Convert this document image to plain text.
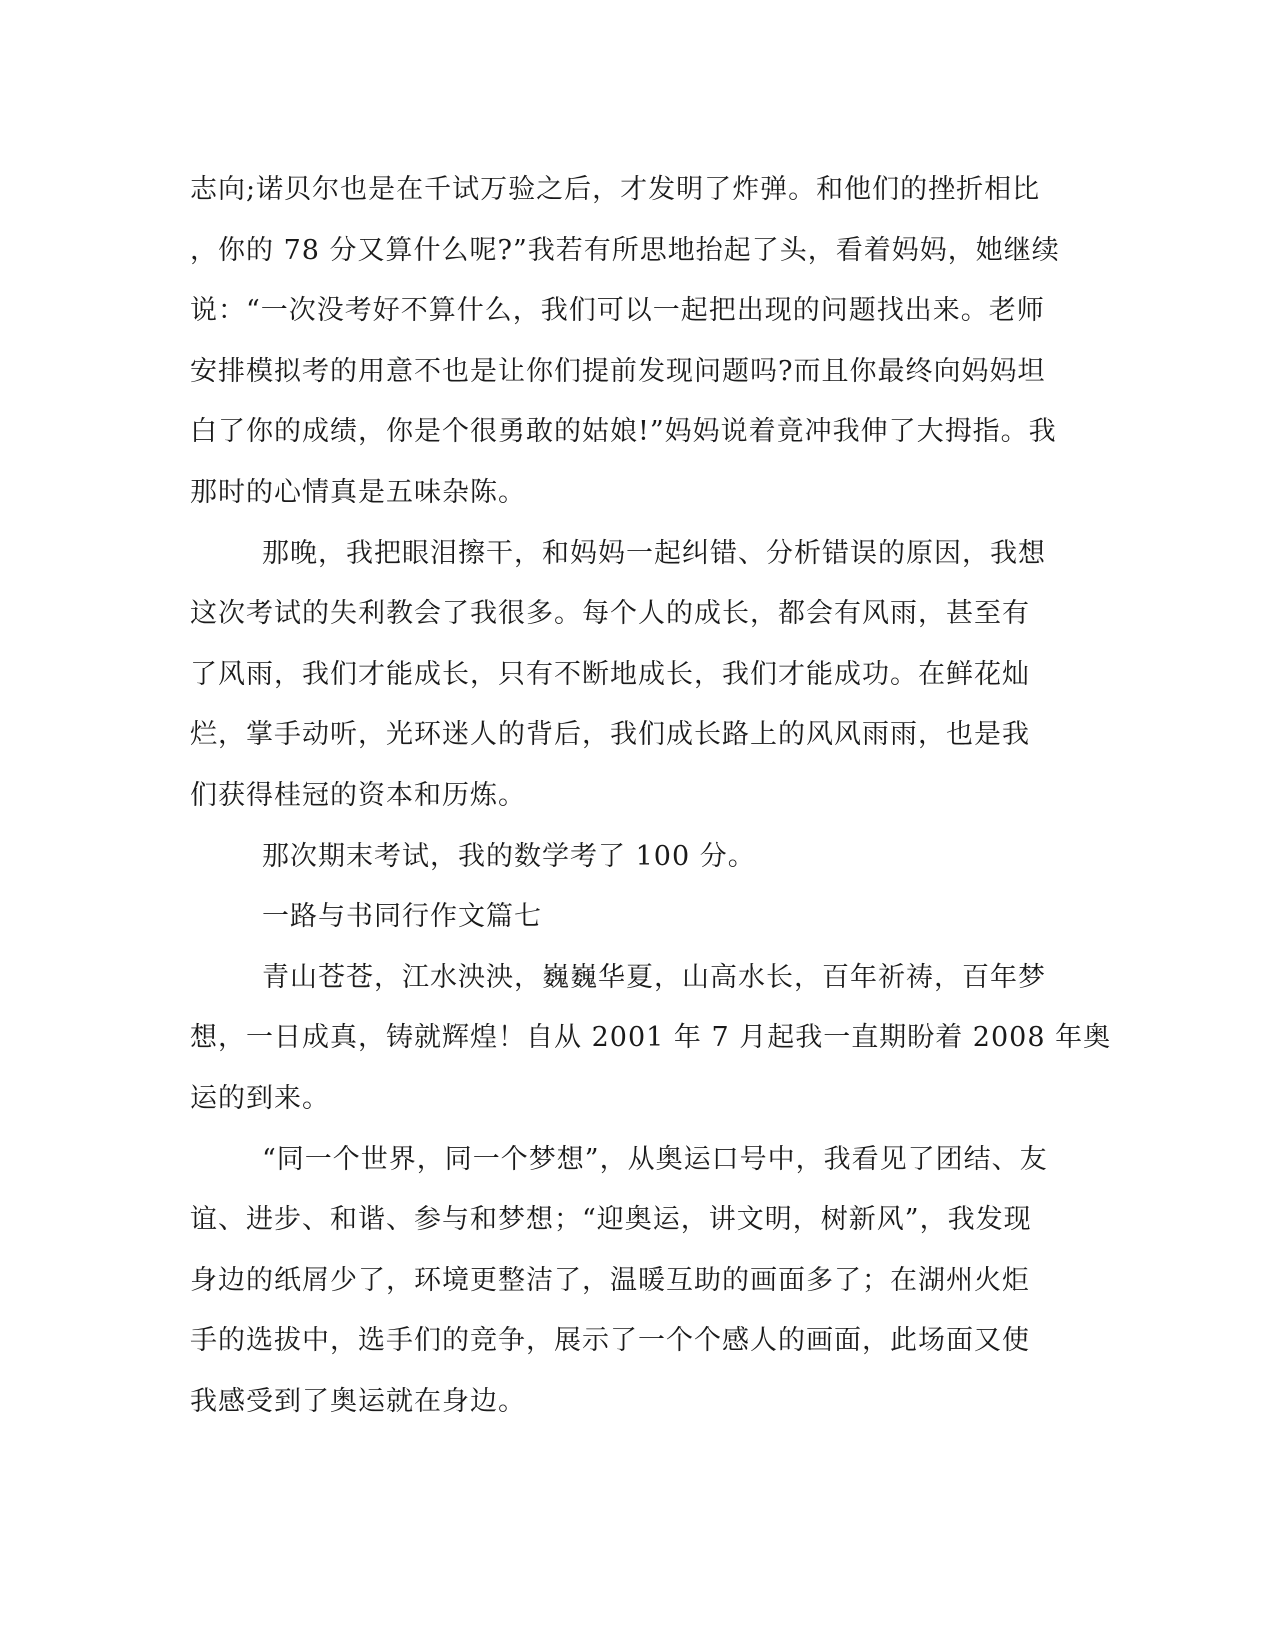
志向;诺贝尔也是在千试万验之后，才发明了炸弹。和他们的挫折相比
，你的 78 分又算什么呢?”我若有所思地抬起了头，看着妈妈，她继续
说：“一次没考好不算什么，我们可以一起把出现的问题找出来。老师
安排模拟考的用意不也是让你们提前发现问题吗?而且你最终向妈妈坦
白了你的成绩，你是个很勇敢的姑娘!”妈妈说着竟冲我伸了大拇指。我
那时的心情真是五味杂陈。
那晚，我把眼泪擦干，和妈妈一起纠错、分析错误的原因，我想
这次考试的失利教会了我很多。每个人的成长，都会有风雨，甚至有
了风雨，我们才能成长，只有不断地成长，我们才能成功。在鲜花灿
烂，掌手动听，光环迷人的背后，我们成长路上的风风雨雨，也是我
们获得桂冠的资本和历炼。
那次期末考试，我的数学考了 100 分。
一路与书同行作文篇七
青山苍苍，江水泱泱，巍巍华夏，山高水长，百年祈祷，百年梦
想，一日成真，铸就辉煌！自从 2001 年 7 月起我一直期盼着 2008 年奥
运的到来。
“同一个世界，同一个梦想”，从奥运口号中，我看见了团结、友
谊、进步、和谐、参与和梦想；“迎奥运，讲文明，树新风”，我发现
身边的纸屑少了，环境更整洁了，温暖互助的画面多了；在湖州火炬
手的选拔中，选手们的竞争，展示了一个个感人的画面，此场面又使
我感受到了奥运就在身边。
